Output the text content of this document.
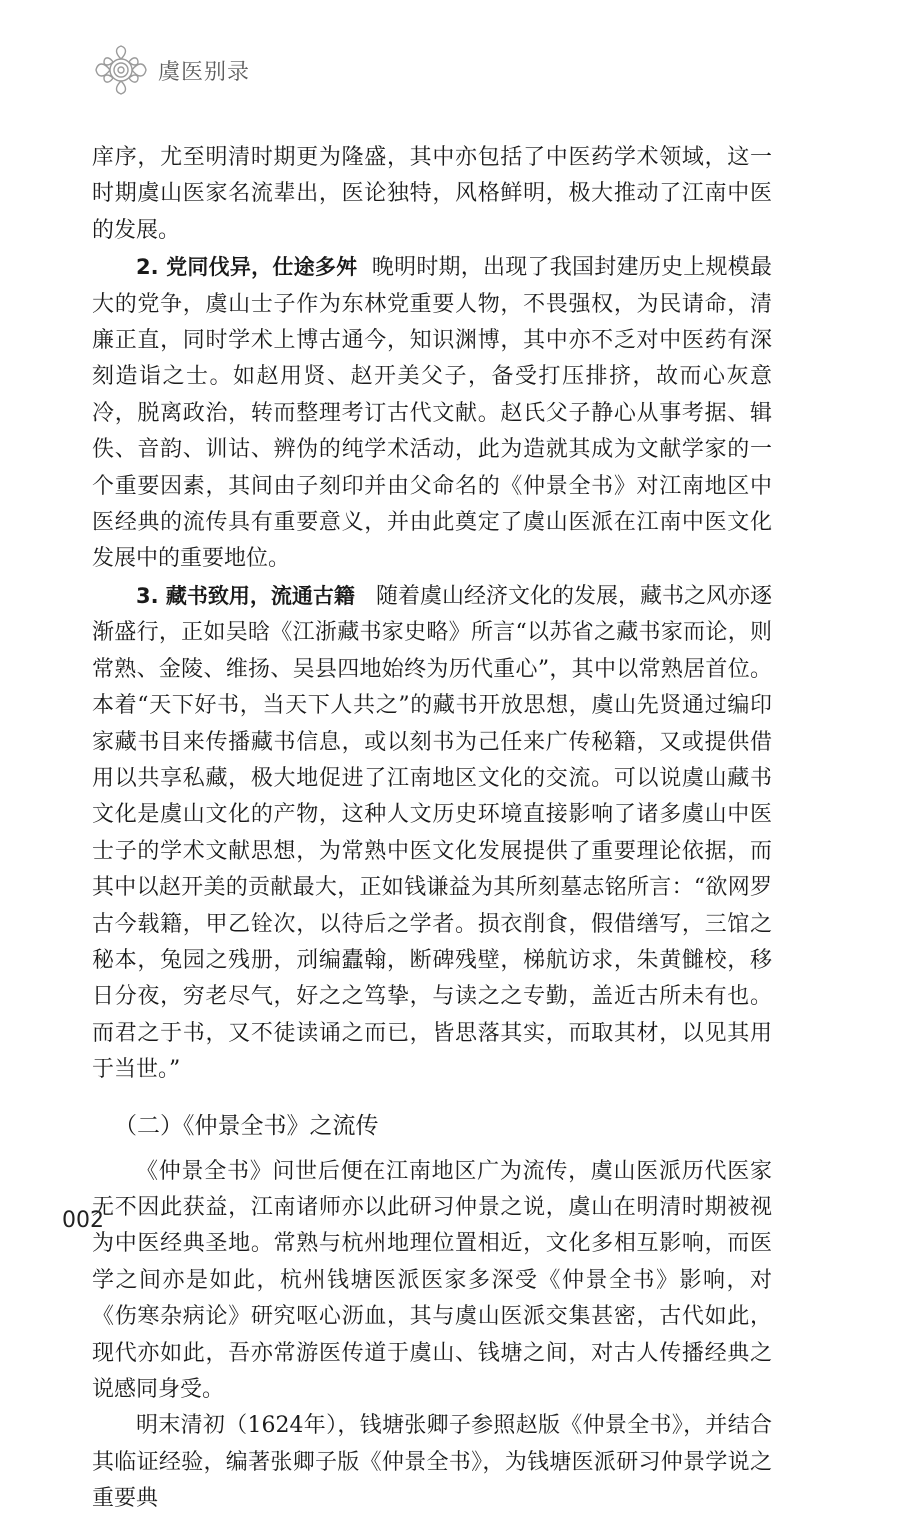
虞医别录

庠序，尤至明清时期更为隆盛，其中亦包括了中医药学术领域，这一时期虞山医家名流辈出，医论独特，风格鲜明，极大推动了江南中医的发展。

2. 党同伐异，仕途多舛 晚明时期，出现了我国封建历史上规模最大的党争，虞山士子作为东林党重要人物，不畏强权，为民请命，清廉正直，同时学术上博古通今，知识渊博，其中亦不乏对中医药有深刻造诣之士。如赵用贤、赵开美父子，备受打压排挤，故而心灰意冷，脱离政治，转而整理考订古代文献。赵氏父子静心从事考据、辑佚、音韵、训诂、辨伪的纯学术活动，此为造就其成为文献学家的一个重要因素，其间由子刻印并由父命名的《仲景全书》对江南地区中医经典的流传具有重要意义，并由此奠定了虞山医派在江南中医文化发展中的重要地位。

3. 藏书致用，流通古籍 随着虞山经济文化的发展，藏书之风亦逐渐盛行，正如吴晗《江浙藏书家史略》所言“以苏省之藏书家而论，则常熟、金陵、维扬、吴县四地始终为历代重心”，其中以常熟居首位。本着“天下好书，当天下人共之”的藏书开放思想，虞山先贤通过编印家藏书目来传播藏书信息，或以刻书为己任来广传秘籍，又或提供借用以共享私藏，极大地促进了江南地区文化的交流。可以说虞山藏书文化是虞山文化的产物，这种人文历史环境直接影响了诸多虞山中医士子的学术文献思想，为常熟中医文化发展提供了重要理论依据，而其中以赵开美的贡献最大，正如钱谦益为其所刻墓志铭所言：“欲网罗古今载籍，甲乙铨次，以待后之学者。损衣削食，假借缮写，三馆之秘本，兔园之残册，刓编蠹翰，断碑残壁，梯航访求，朱黄雠校，移日分夜，穷老尽气，好之之笃挚，与读之之专勤，盖近古所未有也。而君之于书，又不徒读诵之而已，皆思落其实，而取其材，以见其用于当世。”

（二）《仲景全书》之流传

《仲景全书》问世后便在江南地区广为流传，虞山医派历代医家无不因此获益，江南诸师亦以此研习仲景之说，虞山在明清时期被视为中医经典圣地。常熟与杭州地理位置相近，文化多相互影响，而医学之间亦是如此，杭州钱塘医派医家多深受《仲景全书》影响，对《伤寒杂病论》研究呕心沥血，其与虞山医派交集甚密，古代如此，现代亦如此，吾亦常游医传道于虞山、钱塘之间，对古人传播经典之说感同身受。

明末清初（1624年），钱塘张卿子参照赵版《仲景全书》，并结合其临证经验，编著张卿子版《仲景全书》，为钱塘医派研习仲景学说之重要典

002
